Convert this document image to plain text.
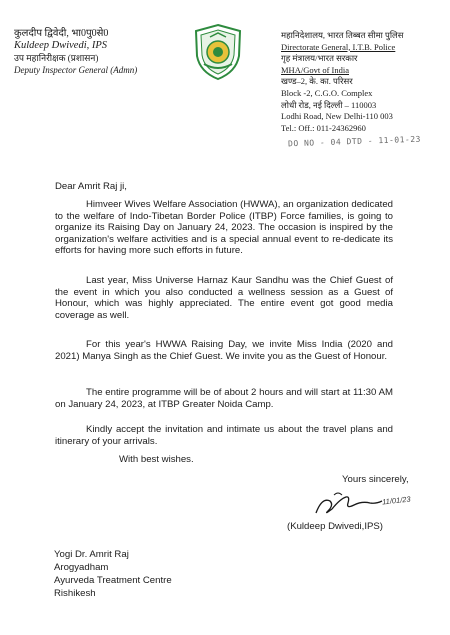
कुलदीप द्विवेदी, भा0पु0से0
Kuldeep Dwivedi, IPS
उप महानिरीक्षक (प्रशासन)
Deputy Inspector General (Admn)
महानिदेशालय, भारत तिब्बत सीमा पुलिस
Directorate General, I.T.B. Police
गृह मंत्रालय/भारत सरकार
MHA/Govt of India
खण्ड–2, के. का. परिसर
Block -2, C.G.O. Complex
लोधी रोड, नई दिल्ली – 110003
Lodhi Road, New Delhi-110 003
Tel.: Off.: 011-24362960
DO NO - 04 DTD - 11-01-23
Dear Amrit Raj ji,
Himveer Wives Welfare Association (HWWA), an organization dedicated to the welfare of Indo-Tibetan Border Police (ITBP) Force families, is going to organize its Raising Day on January 24, 2023. The occasion is inspired by the organization's welfare activities and is a special annual event to re-dedicate its efforts for having more such efforts in future.
Last year, Miss Universe Harnaz Kaur Sandhu was the Chief Guest of the event in which you also conducted a wellness session as a Guest of Honour, which was highly appreciated. The entire event got good media coverage as well.
For this year's HWWA Raising Day, we invite Miss India (2020 and 2021) Manya Singh as the Chief Guest. We invite you as the Guest of Honour.
The entire programme will be of about 2 hours and will start at 11:30 AM on January 24, 2023, at ITBP Greater Noida Camp.
Kindly accept the invitation and intimate us about the travel plans and itinerary of your arrivals.
With best wishes.
Yours sincerely,
11/01/23
(Kuldeep Dwivedi,IPS)
Yogi Dr. Amrit Raj
Arogyadham
Ayurveda Treatment Centre
Rishikesh
